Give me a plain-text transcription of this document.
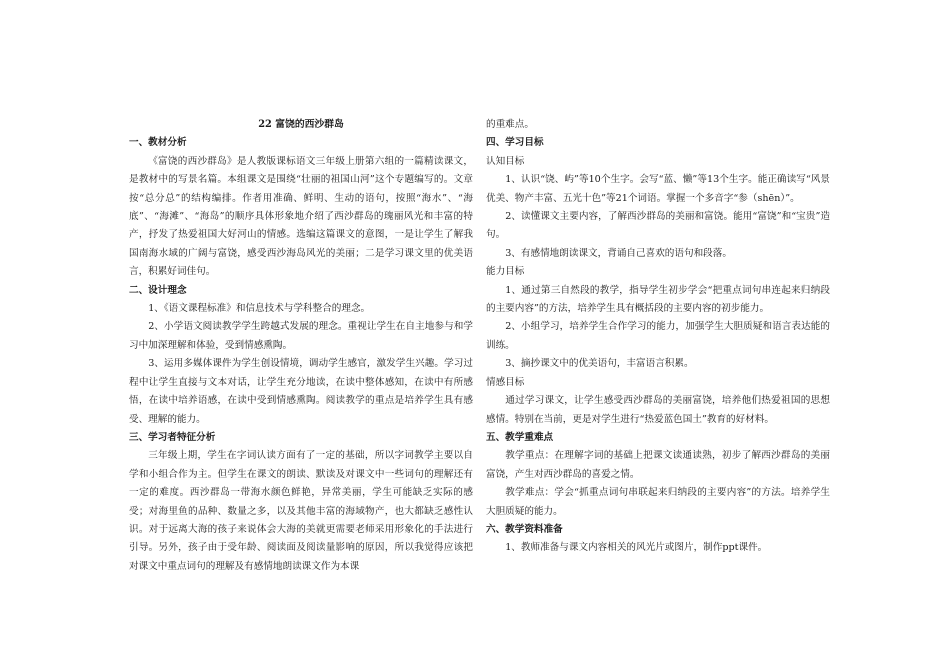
22 富饶的西沙群岛

一、教材分析

《富饶的西沙群岛》是人教版课标语文三年级上册第六组的一篇精读课文，是教材中的写景名篇。本组课文是围绕“壮丽的祖国山河”这个专题编写的。文章按“总分总”的结构编排。作者用准确、鲜明、生动的语句，按照“海水”、“海底”、“海滩”、“海岛”的顺序具体形象地介绍了西沙群岛的瑰丽风光和丰富的特产，抒发了热爱祖国大好河山的情感。选编这篇课文的意图，一是让学生了解我国南海水域的广阔与富饶，感受西沙海岛风光的美丽；二是学习课文里的优美语言，积累好词佳句。

二、设计理念

1、《语文课程标准》和信息技术与学科整合的理念。

2、小学语文阅读教学学生跨越式发展的理念。重视让学生在自主地参与和学习中加深理解和体验，受到情感熏陶。

3、运用多媒体课件为学生创设情境，调动学生感官，激发学生兴趣。学习过程中让学生直接与文本对话，让学生充分地读，在读中整体感知，在读中有所感悟，在读中培养语感，在读中受到情感熏陶。阅读教学的重点是培养学生具有感受、理解的能力。

三、学习者特征分析

三年级上期，学生在字词认读方面有了一定的基础，所以字词教学主要以自学和小组合作为主。但学生在课文的朗读、默读及对课文中一些词句的理解还有一定的难度。西沙群岛一带海水颜色鲜艳，异常美丽，学生可能缺乏实际的感受；对海里鱼的品种、数量之多，以及其他丰富的海域物产，也大都缺乏感性认识。对于远离大海的孩子来说体会大海的美就更需要老师采用形象化的手法进行引导。另外，孩子由于受年龄、阅读面及阅读量影响的原因，所以我觉得应该把对课文中重点词句的理解及有感情地朗读课文作为本课

的重难点。

四、学习目标

认知目标

1、认识“饶、屿”等10个生字。会写“蓝、懒”等13个生字。能正确读写“风景优美、物产丰富、五光十色”等21个词语。掌握一个多音字“参（shēn）”。

2、读懂课文主要内容，了解西沙群岛的美丽和富饶。能用“富饶”和“宝贵”造句。

3、有感情地朗读课文，背诵自己喜欢的语句和段落。

能力目标

1、通过第三自然段的教学，指导学生初步学会“把重点词句串连起来归纳段的主要内容”的方法，培养学生具有概括段的主要内容的初步能力。

2、小组学习，培养学生合作学习的能力，加强学生大胆质疑和语言表达能的训练。

3、摘抄课文中的优美语句，丰富语言积累。

情感目标

通过学习课文，让学生感受西沙群岛的美丽富饶，培养他们热爱祖国的思想感情。特别在当前，更是对学生进行“热爱蓝色国土”教育的好材料。

五、教学重难点

教学重点：在理解字词的基础上把课文读通读熟，初步了解西沙群岛的美丽富饶，产生对西沙群岛的喜爱之情。

教学难点：学会“抓重点词句串联起来归纳段的主要内容”的方法。培养学生大胆质疑的能力。

六、教学资料准备

1、教师准备与课文内容相关的风光片或图片，制作ppt课件。
